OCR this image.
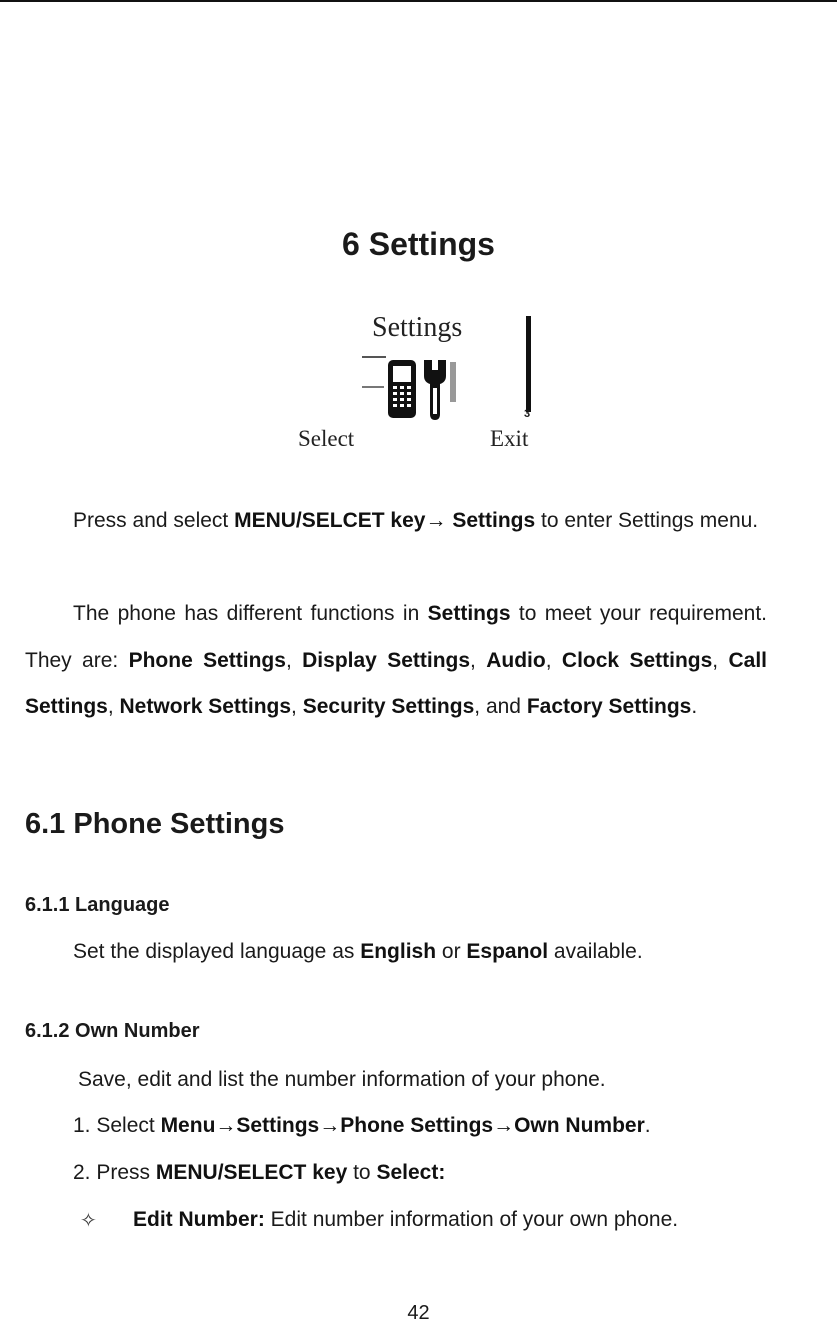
6 Settings
Settings
3
Select	Exit

Press and select MENU/SELCET key→ Settings to enter Settings menu.

The phone has different functions in Settings to meet your requirement. They are: Phone Settings, Display Settings, Audio, Clock Settings, Call Settings, Network Settings, Security Settings, and Factory Settings.

6.1 Phone Settings
6.1.1 Language

Set the displayed language as English or Espanol available.

6.1.2 Own Number

Save, edit and list the number information of your phone.

1. Select Menu→Settings→Phone Settings→Own Number.

2. Press MENU/SELECT key to Select:

✧ Edit Number: Edit number information of your own phone.

42
